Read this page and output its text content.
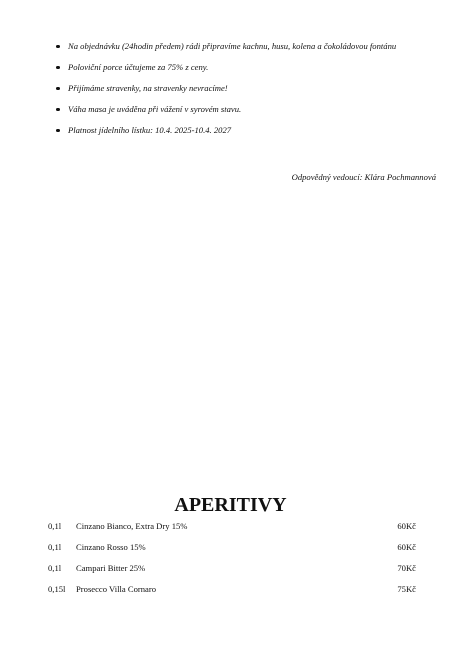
Na objednávku (24hodin předem) rádi připravíme kachnu, husu, kolena a čokoládovou fontánu
Poloviční porce účtujeme za 75% z ceny.
Přijímáme stravenky, na stravenky nevracíme!
Váha masa je uváděna při vážení v syrovém stavu.
Platnost jídelního lístku: 10.4. 2025-10.4. 2027
Odpovědný vedoucí: Klára Pochmannová
APERITIVY
0,1l Cinzano Bianco, Extra Dry 15%	60Kč
0,1l Cinzano Rosso 15%	60Kč
0,1l Campari Bitter 25%	70Kč
0,15l Prosecco Villa Cornaro	75Kč
